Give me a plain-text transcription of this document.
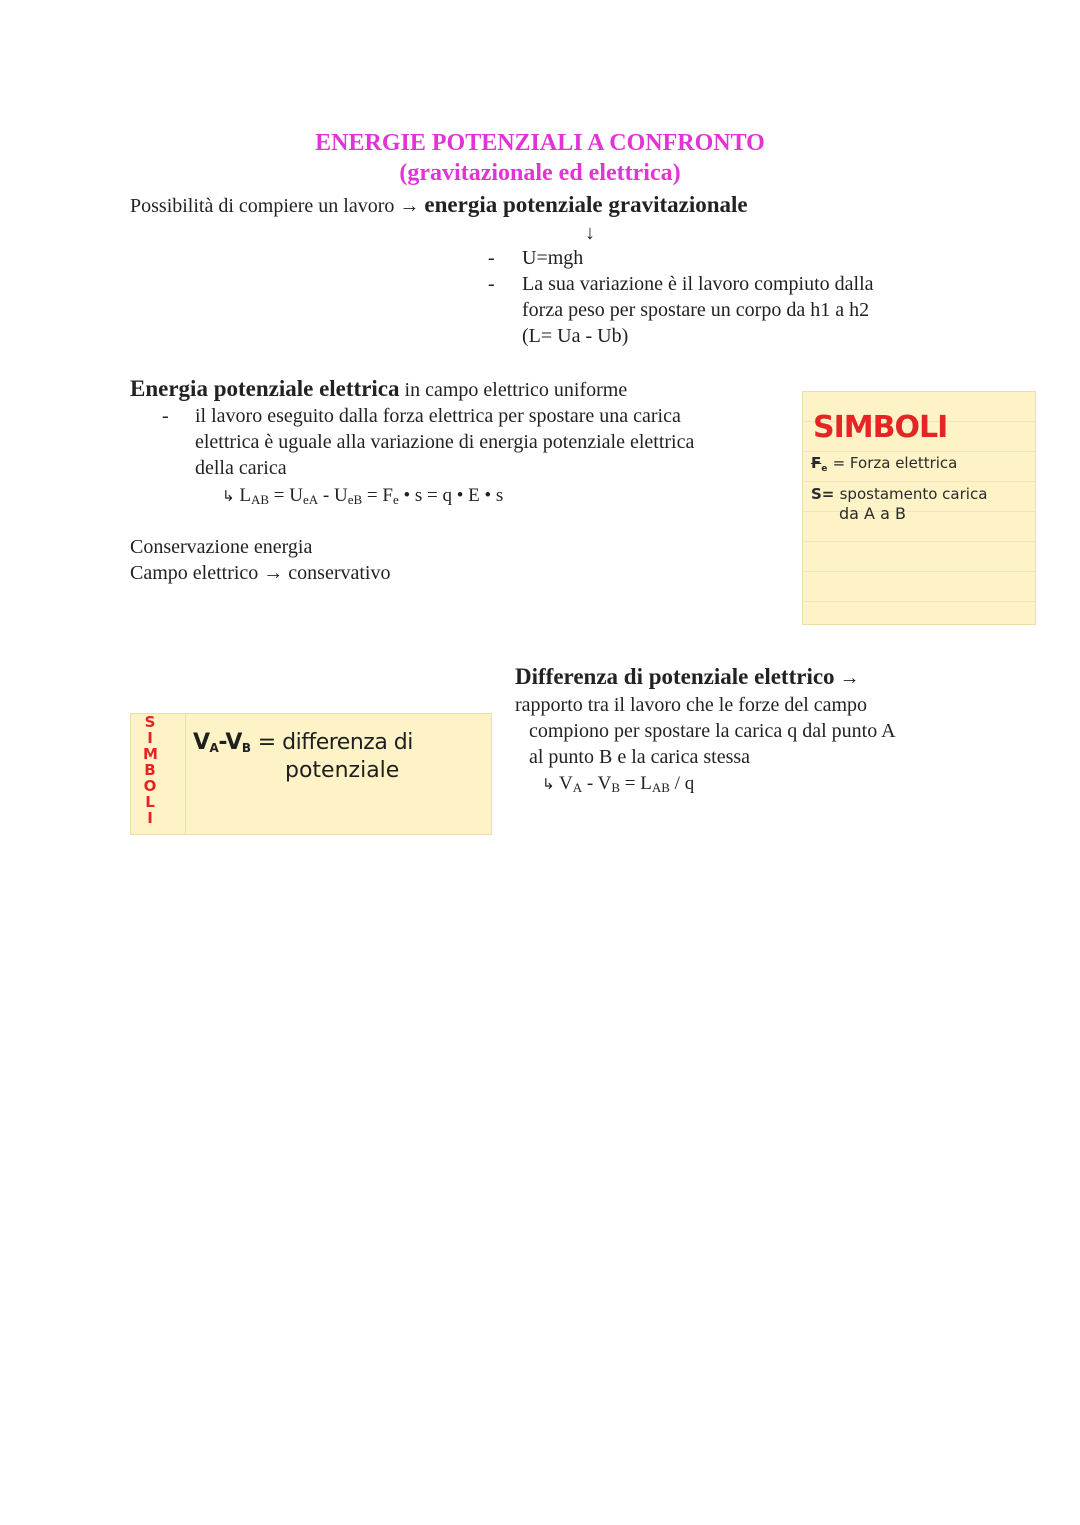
ENERGIE POTENZIALI A CONFRONTO
(gravitazionale ed elettrica)
Possibilità di compiere un lavoro → energia potenziale gravitazionale
↓
- U=mgh
- La sua variazione è il lavoro compiuto dalla
forza peso per spostare un corpo da h1 a h2
(L= Ua - Ub)
Energia potenziale elettrica in campo elettrico uniforme
- il lavoro eseguito dalla forza elettrica per spostare una carica
elettrica è uguale alla variazione di energia potenziale elettrica
della carica
↳ $L_{AB} = U_{eA} - U_{eB} = F_e$ • s = q • E • s
Conservazione energia
Campo elettrico → conservativo
SIMBOLI
$F_e$ = Forza elettrica
S= spostamento carica
da A a B
S
I
M
B
O
L
I
$V_A-V_B$ = differenza di
potenziale
Differenza di potenziale elettrico →
rapporto tra il lavoro che le forze del campo
compiono per spostare la carica q dal punto A
al punto B e la carica stessa
↳ $V_A - V_B = L_{AB} / q$
